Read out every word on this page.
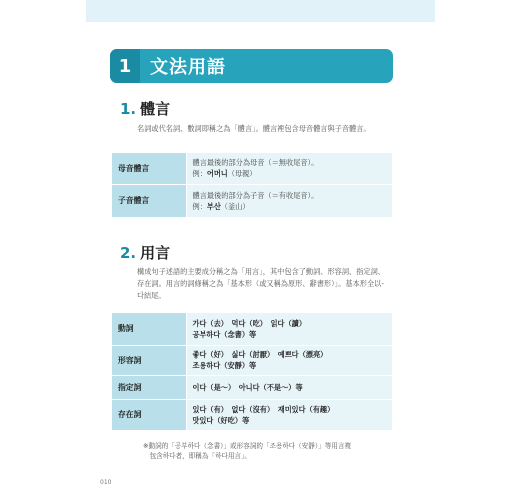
1	文法用語
1. 體言
名詞或代名詞、數詞即稱之為「體言」。體言裡包含母音體言與子音體言。
母音體言	體言最後的部分為母音（＝無收尾音）。
例：어머니（母親）

子音體言	體言最後的部分為子音（＝有收尾音）。
例：부산（釜山）
2. 用言
構成句子述語的主要成分稱之為「用言」，其中包含了動詞、形容詞、指定詞、存在詞。用言的詞條稱之為「基本形（或又稱為原形、辭書形）」。基本形全以-다結尾。
動詞	가다（去）　먹다（吃）　읽다（讀）
공부하다（念書）等

形容詞	좋다（好）　싫다（討厭）　예쁘다（漂亮）
조용하다（安靜）等

指定詞	이다（是～）　아니다（不是～）等

存在詞	있다（有）　없다（沒有）　재미있다（有趣）
맛있다（好吃）等
※動詞的「공부하다（念書）」或形容詞的「조용하다（安靜）」等用言複
　包含하다者，即稱為「하다用言」。
010
